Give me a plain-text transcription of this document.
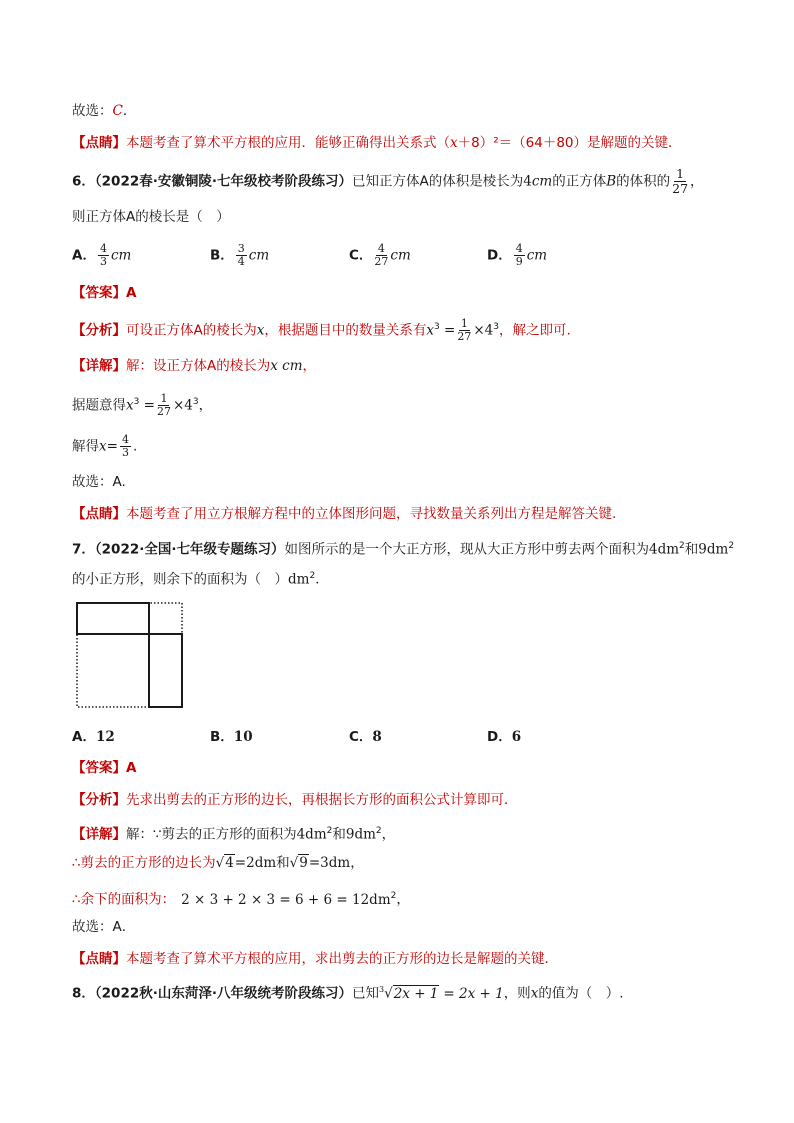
故选：C．
【点睛】本题考查了算术平方根的应用．能够正确得出关系式（x＋8）²＝（64＋80）是解题的关键．
6．（2022春·安徽铜陵·七年级校考阶段练习）已知正方体A的体积是棱长为4cm的正方体B的体积的 $\frac{1}{27}$ ，
则正方体A的棱长是（　）
A． $\frac{4}{3}$ cm	B． $\frac{3}{4}$ cm	C． $\frac{4}{27}$ cm	D． $\frac{4}{9}$ cm
【答案】A
【分析】可设正方体A的棱长为x，根据题目中的数量关系有$x^3 = \frac{1}{27} \times 4^3$，解之即可.
【详解】解：设正方体A的棱长为x cm，
据题意得$x^3 = \frac{1}{27} \times 4^3$，
解得$x= \frac{4}{3}$ .
故选：A.
【点睛】本题考查了用立方根解方程中的立体图形问题，寻找数量关系列出方程是解答关键.
7．（2022·全国·七年级专题练习）如图所示的是一个大正方形，现从大正方形中剪去两个面积为$4dm^2$和$9dm^2$
的小正方形，则余下的面积为（　）$dm^2$．
A．12	B．10	C．8	D．6
【答案】A
【分析】先求出剪去的正方形的边长，再根据长方形的面积公式计算即可．
【详解】解：∵剪去的正方形的面积为$4dm^2$和$9dm^2$，
∴剪去的正方形的边长为√4=2dm和√9=3dm，
∴余下的面积为： $2 \times 3 + 2 \times 3 = 6 + 6 = 12dm^2$，
故选：A．
【点睛】本题考查了算术平方根的应用，求出剪去的正方形的边长是解题的关键．
8．（2022秋·山东菏泽·八年级统考阶段练习）已知$^3$√2x + 1 = 2x + 1，则x的值为（　）.
